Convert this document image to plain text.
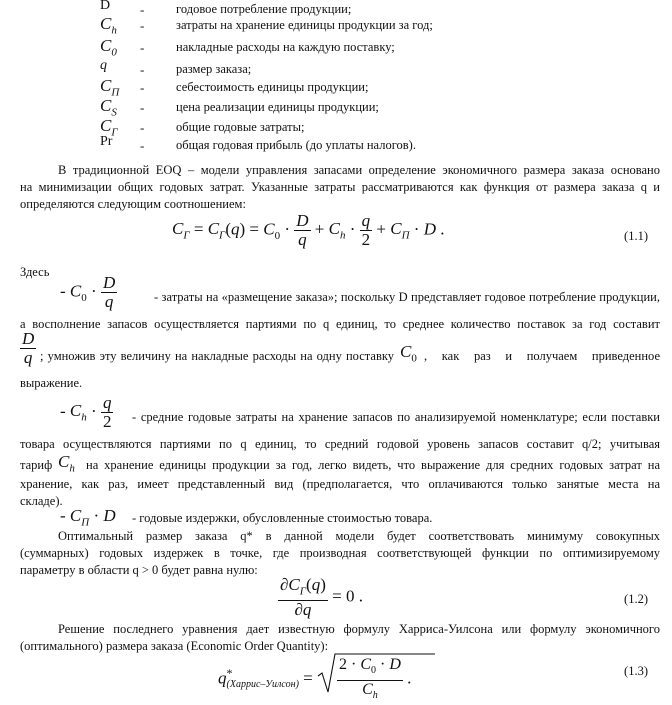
D -	годовое потребление продукции;
$C_h$ -	затраты на хранение единицы продукции за год;
$C_0$ -	накладные расходы на каждую поставку;
q	-	размер заказа;
$C_П$ -	себестоимость единицы продукции;
$C_S$ -	цена реализации единицы продукции;
$C_Г$ -	общие годовые затраты;
Pr -	общая годовая прибыль (до уплаты налогов).
В традиционной EOQ – модели управления запасами определение экономичного размера заказа основано
на минимизации общих годовых затрат. Указанные затраты рассматриваются как функция от размера заказа q и
определяются следующим соотношением:
$C_Г = C_Г(q) = C_0 \cdot \frac{D}{q} + C_h \cdot \frac{q}{2} + C_П \cdot D$ .	(1.1)
Здесь
- $C_0 \cdot \frac{D}{q}$	- затраты на «размещение заказа»; поскольку D представляет годовое потребление продукции,
а восполнение запасов осуществляется партиями по q единиц, то среднее количество поставок за год составит
$\frac{D}{q}$ ; умножив эту величину на накладные расходы на одну поставку $C_0$ , как раз и получаем приведенное
выражение.
- $C_h \cdot \frac{q}{2}$ - средние годовые затраты на хранение запасов по анализируемой номенклатуре; если поставки
товара осуществляются партиями по q единиц, то средний годовой уровень запасов составит q/2; учитывая
тариф $C_h$ на хранение единицы продукции за год, легко видеть, что выражение для средних годовых затрат на
хранение, как раз, имеет представленный вид (предполагается, что оплачиваются только занятые места на
складе).
- $C_П \cdot D$ - годовые издержки, обусловленные стоимостью товара.
Оптимальный размер заказа q* в данной модели будет соответствовать минимуму совокупных
(суммарных) годовых издержек в точке, где производная соответствующей функции по оптимизируемому
параметру в области q > 0 будет равна нулю:
$\frac{\partial C_Г(q)}{\partial q} = 0$ .	(1.2)
Решение последнего уравнения дает известную формулу Харриса-Уилсона или формулу экономичного
(оптимального) размера заказа (Economic Order Quantity):
q *
(Харрис–Уилсон) = $\frac{2 \cdot C_0 \cdot D}{C_h}$ .	(1.3)
